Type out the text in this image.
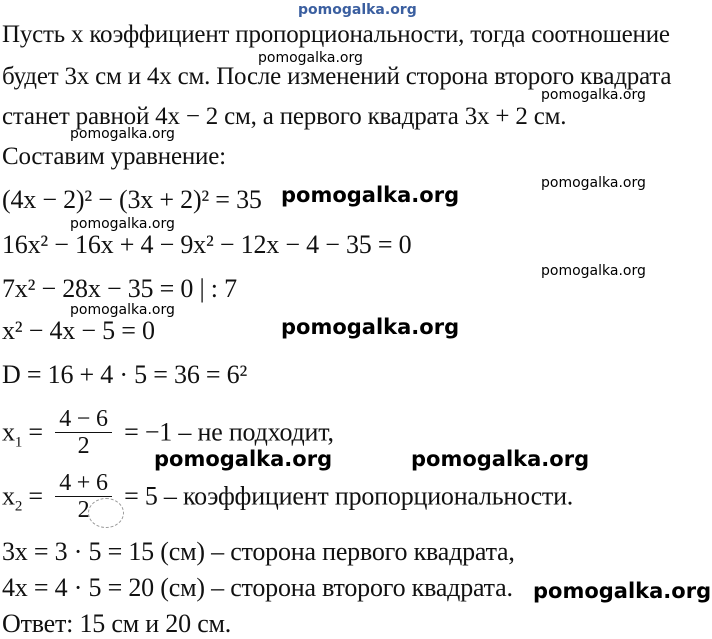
pomogalka.org
Пусть x коэффициент пропорциональности, тогда соотношение
pomogalka.org
будет 3x см и 4x см. После изменений сторона второго квадрата
pomogalka.org
станет равной 4x − 2 см, а первого квадрата 3x + 2 см.
pomogalka.org
Составим уравнение:
pomogalka.org
(4x − 2)² − (3x + 2)² = 35 pomogalka.org
pomogalka.org
16x² − 16x + 4 − 9x² − 12x − 4 − 35 = 0
pomogalka.org
7x² − 28x − 35 = 0 | : 7
pomogalka.org
x² − 4x − 5 = 0	pomogalka.org
D = 16 + 4 · 5 = 36 = 6²
$x_1 = \frac{4 - 6}{2} = -1$ – не подходит,
pomogalka.org	pomogalka.org
$x_2 = \frac{4 + 6}{2} = 5$ – коэффициент пропорциональности.
3x = 3 · 5 = 15 (см) – сторона первого квадрата,
4x = 4 · 5 = 20 (см) – сторона второго квадрата. pomogalka.org
Ответ: 15 см и 20 см.
